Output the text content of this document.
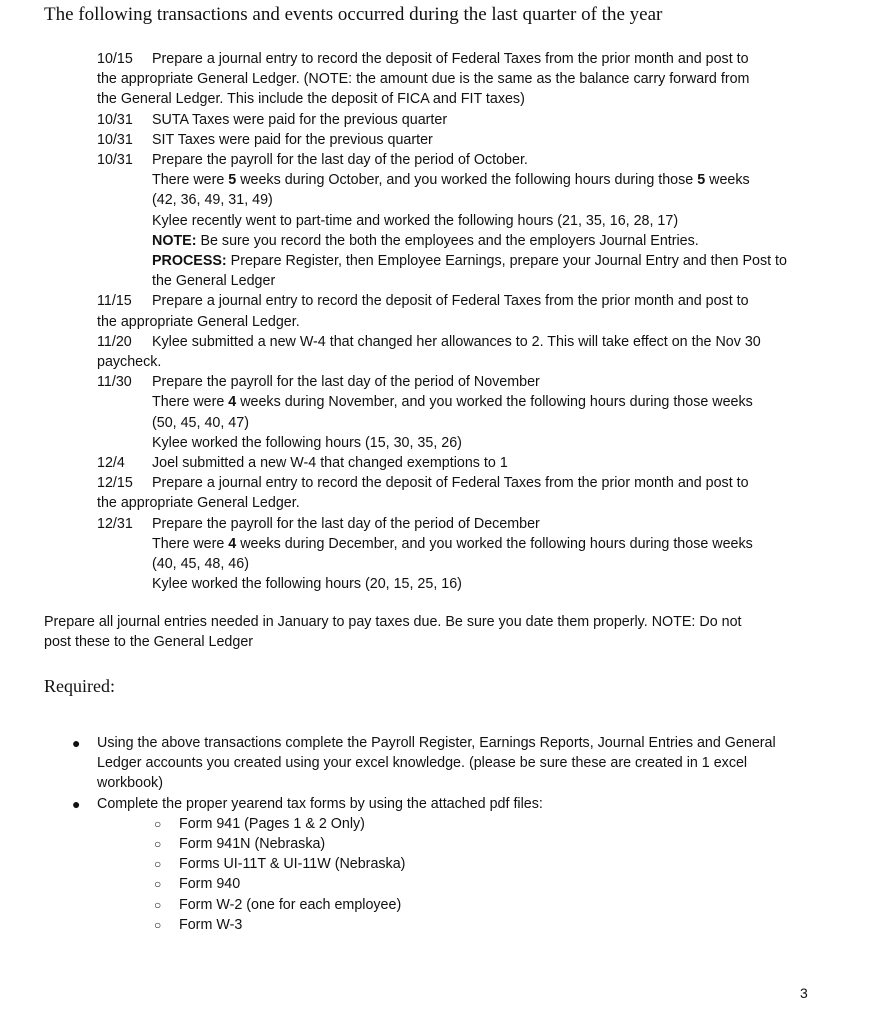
The following transactions and events occurred during the last quarter of the year
10/15 Prepare a journal entry to record the deposit of Federal Taxes from the prior month and post to
the appropriate General Ledger. (NOTE: the amount due is the same as the balance carry forward from
the General Ledger. This include the deposit of FICA and FIT taxes)
10/31 SUTA Taxes were paid for the previous quarter
10/31 SIT Taxes were paid for the previous quarter
10/31 Prepare the payroll for the last day of the period of October.
There were 5 weeks during October, and you worked the following hours during those 5 weeks
(42, 36, 49, 31, 49)
Kylee recently went to part-time and worked the following hours (21, 35, 16, 28, 17)
NOTE: Be sure you record the both the employees and the employers Journal Entries.
PROCESS: Prepare Register, then Employee Earnings, prepare your Journal Entry and then Post to
the General Ledger
11/15 Prepare a journal entry to record the deposit of Federal Taxes from the prior month and post to
the appropriate General Ledger.
11/20 Kylee submitted a new W-4 that changed her allowances to 2. This will take effect on the Nov 30
paycheck.
11/30 Prepare the payroll for the last day of the period of November
There were 4 weeks during November, and you worked the following hours during those weeks
(50, 45, 40, 47)
Kylee worked the following hours (15, 30, 35, 26)
12/4 Joel submitted a new W-4 that changed exemptions to 1
12/15 Prepare a journal entry to record the deposit of Federal Taxes from the prior month and post to
the appropriate General Ledger.
12/31 Prepare the payroll for the last day of the period of December
There were 4 weeks during December, and you worked the following hours during those weeks
(40, 45, 48, 46)
Kylee worked the following hours (20, 15, 25, 16)
Prepare all journal entries needed in January to pay taxes due. Be sure you date them properly. NOTE: Do not
post these to the General Ledger
Required:
● Using the above transactions complete the Payroll Register, Earnings Reports, Journal Entries and General
Ledger accounts you created using your excel knowledge. (please be sure these are created in 1 excel
workbook)
● Complete the proper yearend tax forms by using the attached pdf files:
○ Form 941 (Pages 1 & 2 Only)
○ Form 941N (Nebraska)
○ Forms UI-11T & UI-11W (Nebraska)
○ Form 940
○ Form W-2 (one for each employee)
○ Form W-3
3
